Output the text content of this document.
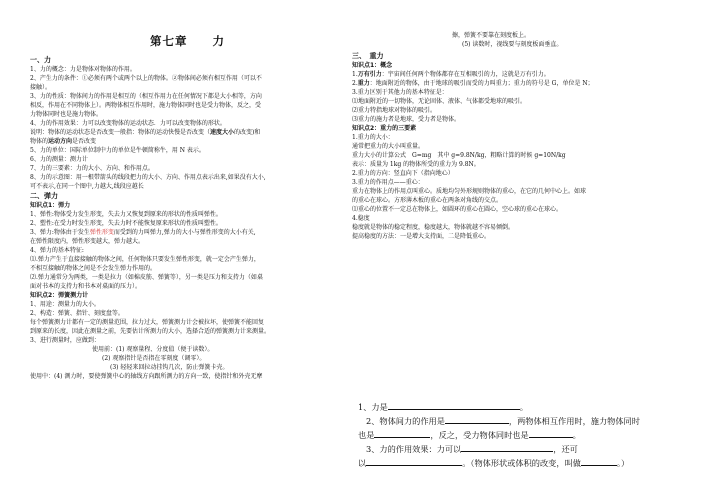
第七章　　力
一、力
1、力的概念：力是物体对物体的作用。
2、产生力的条件：①必须有两个或两个以上的物体。②物体间必须有相互作用（可以不
接触）。
3、力的性质：物体间力的作用是相互的（相互作用力在任何情况下都是大小相等，方向
相反，作用在不同物体上）。两物体相互作用时，施力物体同时也是受力物体，反之，受
力物体同时也是施力物体。
4、力的作用效果：力可以改变物体的运动状态．力可以改变物体的形状。
说明：物体的运动状态是否改变一般指：物体的运动快慢是否改变（速度大小的改变)和
物体的运动方向是否改变
5、力的单位：国际单位制中力的单位是牛顿简称牛，用 N 表示。
6、力的测量：测力计
7、力的三要素：力的大小、方向、和作用点。
8、力的示意图：用一根带箭头的线段把力的大小、方向、作用点表示出来,如果没有大小,
可不表示,在同一个图中,力越大,线段应越长
二、弹力
知识点1：弹力
1、弹性:物体受力发生形变，失去力又恢复到原来的形状的性质叫弹性。
2、塑性:在受力时发生形变，失去力时不能恢复原来形状的性质叫塑性。
3、弹力:物体由于发生弹性形变而受到的力叫弹力,弹力的大小与弹性形变的大小有关,
在弹性限度内，弹性形变越大，弹力越大。
4、弹力的基本特征:
⑴.弹力产生于直接接触的物体之间，任何物体只要发生弹性形变，就一定会产生弹力，
不相互接触的物体之间是不会发生弹力作用的。
⑵.弹力通常分为两类，一类是拉力（如棉皮筋、弹簧等），另一类是压力和支持力（如桌
面对书本的支持力和书本对桌面的压力）。
知识点2：弹簧测力计
1、用途：测量力的大小。
2、构造：弹簧、指针、刻度盘等。
每个弹簧测力计都有一定的测量范围，拉力过大，弹簧测力计会被拉坏，使弹簧不能回复
到原来的长度，因此在测量之前，先要估计所测力的大小，选择合适的弹簧测力计来测量。
3、进行测量时，应做到：
使用前：(1) 观察量程、分度值（便于读数）。
(2) 观察指针是否指在零刻度（调零）。
(3) 轻轻来回拉动挂钩几次，防止弹簧卡壳。
使用中：(4) 测力时，要使弹簧中心的轴线方向跟所测力的方向一致，使指针和外壳无摩
擦，弹簧不要靠在刻度板上。
(5) 读数时，视线要与刻度板面垂直。
三、　重力
知识点1：概念
1.万有引力：宇宙间任何两个物体都存在互相吸引的力，这就是万有引力。
2.重力：地面附近的物体，由于地球的吸引而受的力叫重力；重力的符号是 G，单位是 N；
3.重力区别于其他力的基本特征是：
⑴地面附近的一切物体，无论固体、液体、气体都受地球的吸引。
⑵重力特指地球对物体的吸引。
⑶重力的施力者是地球，受力者是物体。
知识点2：重力的三要素
1.重力的大小：
通常把重力的大小叫重量。
重力大小的计算公式　G=mg　其中 g=9.8N/kg，粗略计算的时候 g=10N/kg
表示：质量为 1kg 的物体所受的重力为 9.8N。
2.重力的方向：竖直向下（指向地心）
3.重力的作用点——重心：
重力在物体上的作用点叫重心。质地均匀外形规则物体的重心，在它的几何中心上。如球
的重心在球心。方形薄木板的重心在两条对角线的交点。
⑴重心的位置不一定总在物体上，如圆环的重心在圆心，空心球的重心在球心。
4.稳度
稳度就是物体的稳定程度，稳度越大，物体就越不容易倾倒。
提高稳度的方法：一是增大支持面，二是降低重心。
1、力是	。
2、物体间力的作用是	，两物体相互作用时，施力物体同时
也是	，反之，受力物体同时也是	。
3、力的作用效果：力可以	，还可
以	。（物体形状或体积的改变，叫做	。）
